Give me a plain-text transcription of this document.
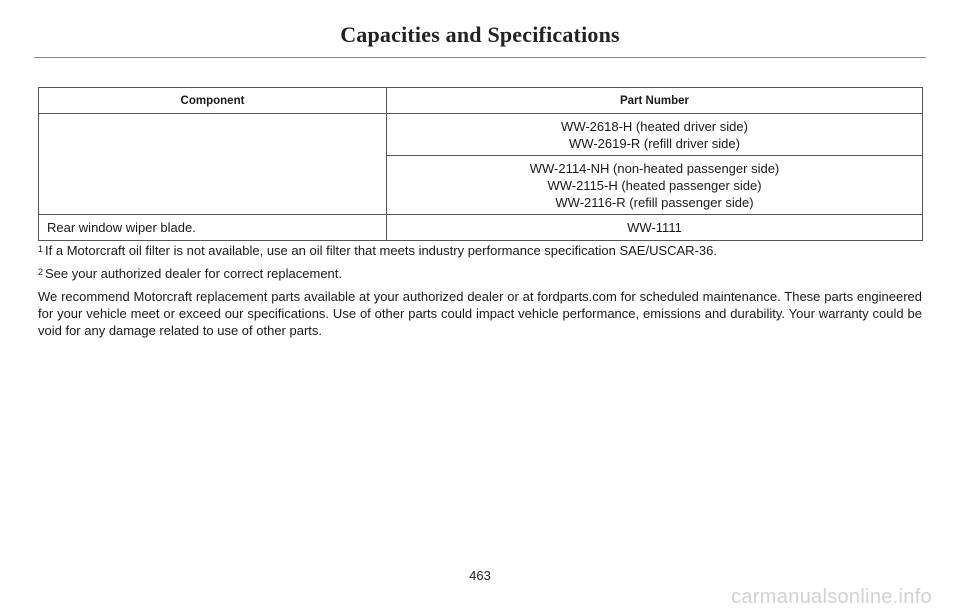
Capacities and Specifications
Component	Part Number

	WW-2618-H (heated driver side)
WW-2619-R (refill driver side)

	WW-2114-NH (non-heated passenger side)
WW-2115-H (heated passenger side)
WW-2116-R (refill passenger side)

Rear window wiper blade.	WW-1111

$^1$ If a Motorcraft oil filter is not available, use an oil filter that meets industry performance specification SAE/USCAR-36.

$^2$ See your authorized dealer for correct replacement.

We recommend Motorcraft replacement parts available at your authorized dealer or at fordparts.com for scheduled maintenance. These parts engineered for your vehicle meet or exceed our specifications. Use of other parts could impact vehicle performance, emissions and durability. Your warranty could be void for any damage related to use of other parts.

463
carmanualsonline.info
